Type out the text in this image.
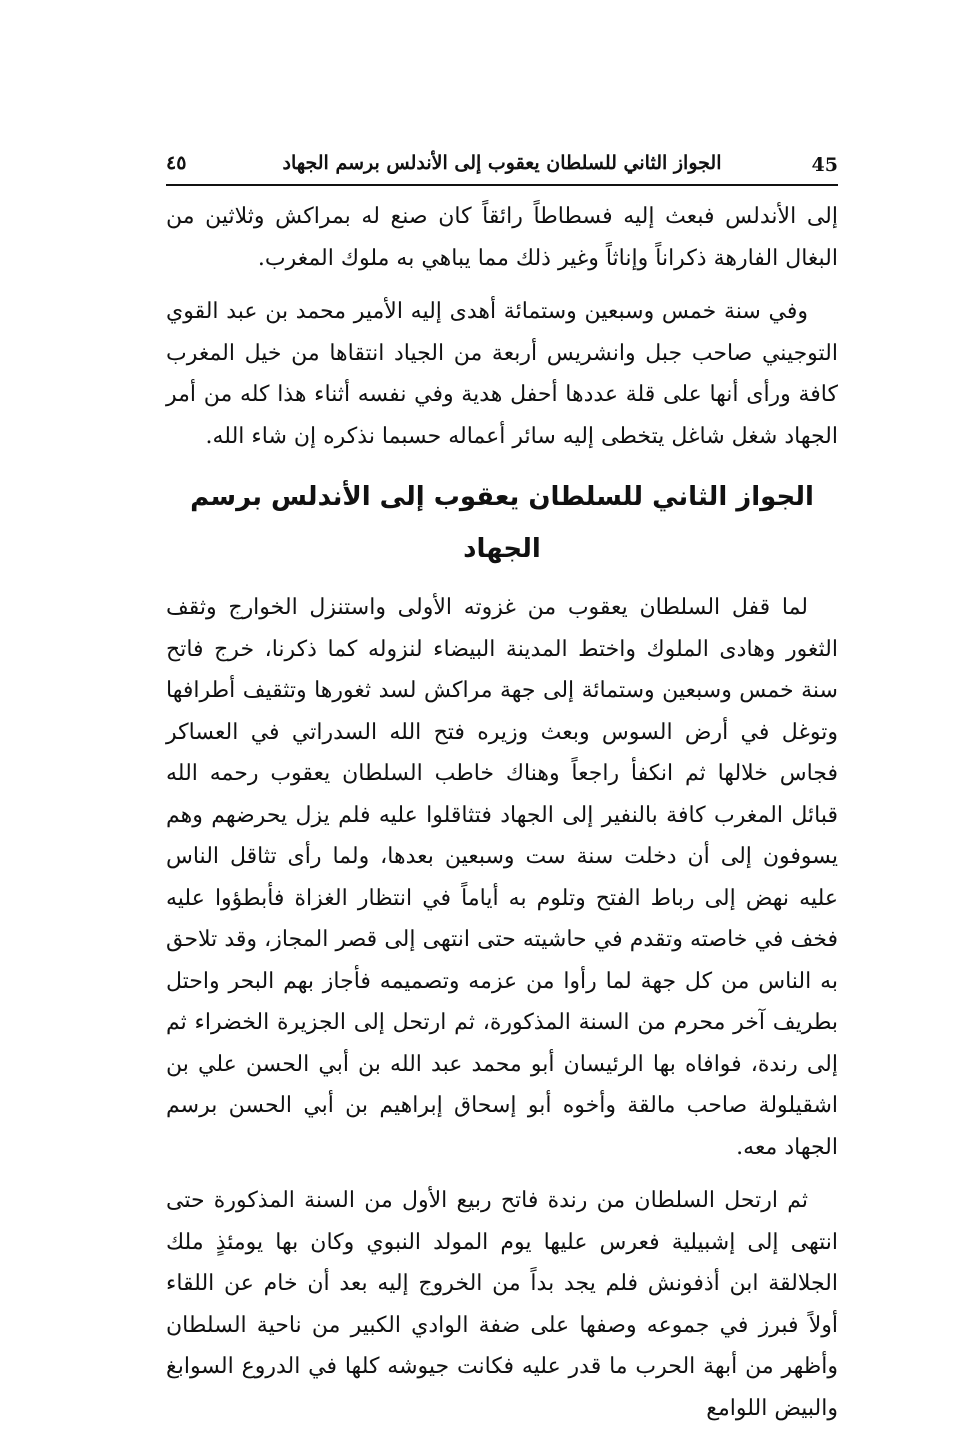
45
الجواز الثاني للسلطان يعقوب إلى الأندلس برسم الجهاد
٤٥

إلى الأندلس فبعث إليه فسطاطاً رائقاً كان صنع له بمراكش وثلاثين من البغال الفارهة ذكراناً وإناثاً وغير ذلك مما يباهي به ملوك المغرب.

وفي سنة خمس وسبعين وستمائة أهدى إليه الأمير محمد بن عبد القوي التوجيني صاحب جبل وانشريس أربعة من الجياد انتقاها من خيل المغرب كافة ورأى أنها على قلة عددها أحفل هدية وفي نفسه أثناء هذا كله من أمر الجهاد شغل شاغل يتخطى إليه سائر أعماله حسبما نذكره إن شاء الله.

الجواز الثاني للسلطان يعقوب إلى الأندلس برسم الجهاد

لما قفل السلطان يعقوب من غزوته الأولى واستنزل الخوارج وثقف الثغور وهادى الملوك واختط المدينة البيضاء لنزوله كما ذكرنا، خرج فاتح سنة خمس وسبعين وستمائة إلى جهة مراكش لسد ثغورها وتثقيف أطرافها وتوغل في أرض السوس وبعث وزيره فتح الله السدراتي في العساكر فجاس خلالها ثم انكفأ راجعاً وهناك خاطب السلطان يعقوب رحمه الله قبائل المغرب كافة بالنفير إلى الجهاد فتثاقلوا عليه فلم يزل يحرضهم وهم يسوفون إلى أن دخلت سنة ست وسبعين بعدها، ولما رأى تثاقل الناس عليه نهض إلى رباط الفتح وتلوم به أياماً في انتظار الغزاة فأبطؤوا عليه فخف في خاصته وتقدم في حاشيته حتى انتهى إلى قصر المجاز، وقد تلاحق به الناس من كل جهة لما رأوا من عزمه وتصميمه فأجاز بهم البحر واحتل بطريف آخر محرم من السنة المذكورة، ثم ارتحل إلى الجزيرة الخضراء ثم إلى رندة، فوافاه بها الرئيسان أبو محمد عبد الله بن أبي الحسن علي بن اشقيلولة صاحب مالقة وأخوه أبو إسحاق إبراهيم بن أبي الحسن برسم الجهاد معه.

ثم ارتحل السلطان من رندة فاتح ربيع الأول من السنة المذكورة حتى انتهى إلى إشبيلية فعرس عليها يوم المولد النبوي وكان بها يومئذٍ ملك الجلالقة ابن أذفونش فلم يجد بداً من الخروج إليه بعد أن خام عن اللقاء أولاً فبرز في جموعه وصفها على ضفة الوادي الكبير من ناحية السلطان وأظهر من أبهة الحرب ما قدر عليه فكانت جيوشه كلها في الدروع السوابغ والبيض اللوامع
